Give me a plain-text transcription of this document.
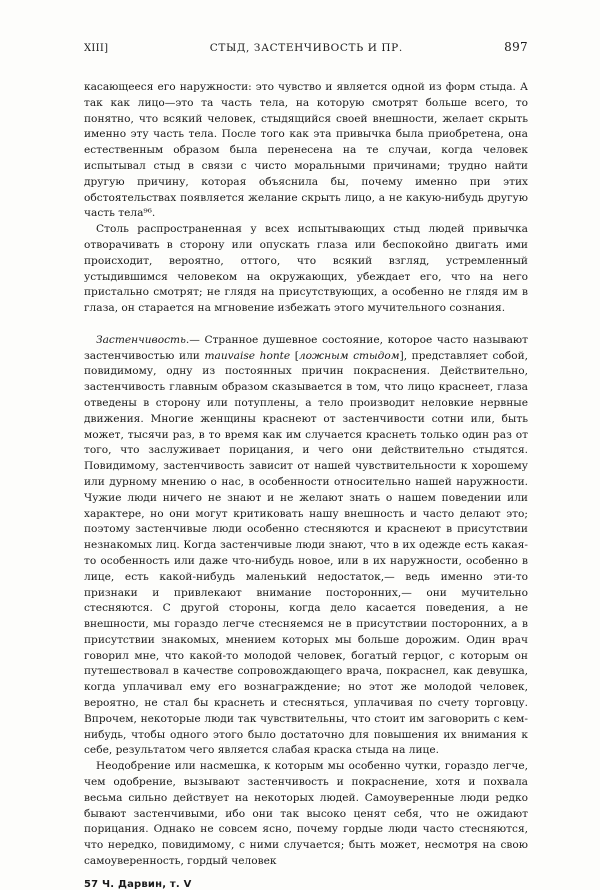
XIII]	СТЫД, ЗАСТЕНЧИВОСТЬ И ПР.	897

касающееся его наружности: это чувство и является одной из форм стыда. А так как лицо—это та часть тела, на которую смотрят больше всего, то понятно, что всякий человек, стыдящийся своей внешности, желает скрыть именно эту часть тела. После того как эта привычка была приобретена, она естественным образом была перенесена на те случаи, когда человек испытывал стыд в связи с чисто моральными причинами; трудно найти другую причину, которая объяснила бы, почему именно при этих обстоятельствах появляется желание скрыть лицо, а не какую-нибудь другую часть тела⁹⁶.

Столь распространенная у всех испытывающих стыд людей привычка отворачивать в сторону или опускать глаза или беспокойно двигать ими происходит, вероятно, оттого, что всякий взгляд, устремленный устыдившимся человеком на окружающих, убеждает его, что на него пристально смотрят; не глядя на присутствующих, а особенно не глядя им в глаза, он старается на мгновение избежать этого мучительного сознания.

Застенчивость.— Странное душевное состояние, которое часто называют застенчивостью или mauvaise honte [ложным стыдом], представляет собой, повидимому, одну из постоянных причин покраснения. Действительно, застенчивость главным образом сказывается в том, что лицо краснеет, глаза отведены в сторону или потуплены, а тело производит неловкие нервные движения. Многие женщины краснеют от застенчивости сотни или, быть может, тысячи раз, в то время как им случается краснеть только один раз от того, что заслуживает порицания, и чего они действительно стыдятся. Повидимому, застенчивость зависит от нашей чувствительности к хорошему или дурному мнению о нас, в особенности относительно нашей наружности. Чужие люди ничего не знают и не желают знать о нашем поведении или характере, но они могут критиковать нашу внешность и часто делают это; поэтому застенчивые люди особенно стесняются и краснеют в присутствии незнакомых лиц. Когда застенчивые люди знают, что в их одежде есть какая-то особенность или даже что-нибудь новое, или в их наружности, особенно в лице, есть какой-нибудь маленький недостаток,— ведь именно эти-то признаки и привлекают внимание посторонних,— они мучительно стесняются. С другой стороны, когда дело касается поведения, а не внешности, мы гораздо легче стесняемся не в присутствии посторонних, а в присутствии знакомых, мнением которых мы больше дорожим. Один врач говорил мне, что какой-то молодой человек, богатый герцог, с которым он путешествовал в качестве сопровождающего врача, покраснел, как девушка, когда уплачивал ему его вознаграждение; но этот же молодой человек, вероятно, не стал бы краснеть и стесняться, уплачивая по счету торговцу. Впрочем, некоторые люди так чувствительны, что стоит им заговорить с кем-нибудь, чтобы одного этого было достаточно для повышения их внимания к себе, результатом чего является слабая краска стыда на лице.

Неодобрение или насмешка, к которым мы особенно чутки, гораздо легче, чем одобрение, вызывают застенчивость и покраснение, хотя и похвала весьма сильно действует на некоторых людей. Самоуверенные люди редко бывают застенчивыми, ибо они так высоко ценят себя, что не ожидают порицания. Однако не совсем ясно, почему гордые люди часто стесняются, что нередко, повидимому, с ними случается; быть может, несмотря на свою самоуверенность, гордый человек

57 Ч. Дарвин, т. V
